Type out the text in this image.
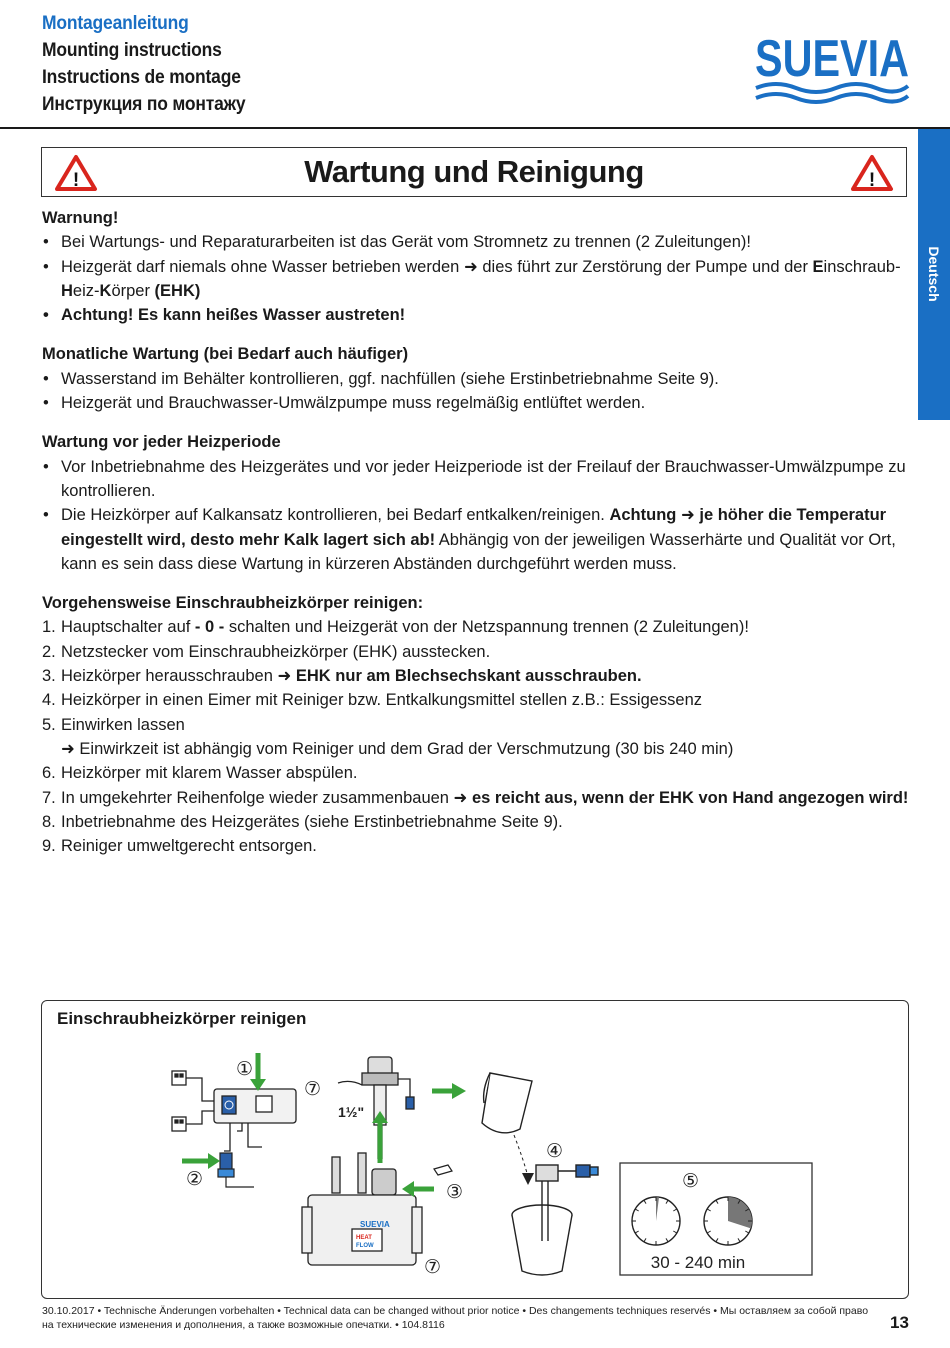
Montageanleitung
Mounting instructions
Instructions de montage
Инструкция по монтажу
SUEVIA
Deutsch
!	Wartung und Reinigung	!
Warnung!
• Bei Wartungs- und Reparaturarbeiten ist das Gerät vom Stromnetz zu trennen (2 Zuleitungen)!
• Heizgerät darf niemals ohne Wasser betrieben werden ➜ dies führt zur Zerstörung der Pumpe und der Einschraub-Heiz-Körper (EHK)
• Achtung! Es kann heißes Wasser austreten!
Monatliche Wartung (bei Bedarf auch häufiger)
• Wasserstand im Behälter kontrollieren, ggf. nachfüllen (siehe Erstinbetriebnahme Seite 9).
• Heizgerät und Brauchwasser-Umwälzpumpe muss regelmäßig entlüftet werden.
Wartung vor jeder Heizperiode
• Vor Inbetriebnahme des Heizgerätes und vor jeder Heizperiode ist der Freilauf der Brauchwasser-Umwälzpumpe zu kontrollieren.
• Die Heizkörper auf Kalkansatz kontrollieren, bei Bedarf entkalken/reinigen. Achtung ➜ je höher die Temperatur eingestellt wird, desto mehr Kalk lagert sich ab! Abhängig von der jeweiligen Wasserhärte und Qualität vor Ort, kann es sein dass diese Wartung in kürzeren Abständen durchgeführt werden muss.
Vorgehensweise Einschraubheizkörper reinigen:
1. Hauptschalter auf - 0 - schalten und Heizgerät von der Netzspannung trennen (2 Zuleitungen)!
2. Netzstecker vom Einschraubheizkörper (EHK) ausstecken.
3. Heizkörper herausschrauben ➜ EHK nur am Blechsechskant ausschrauben.
4. Heizkörper in einen Eimer mit Reiniger bzw. Entkalkungsmittel stellen z.B.: Essigessenz
5. Einwirken lassen
➜ Einwirkzeit ist abhängig vom Reiniger und dem Grad der Verschmutzung (30 bis 240 min)
6. Heizkörper mit klarem Wasser abspülen.
7. In umgekehrter Reihenfolge wieder zusammenbauen ➜ es reicht aus, wenn der EHK von Hand angezogen wird!
8. Inbetriebnahme des Heizgerätes (siehe Erstinbetriebnahme Seite 9).
9. Reiniger umweltgerecht entsorgen.
Einschraubheizkörper reinigen
①
②
⑦
1½"
SUEVIA
HEAT
FLOW
③
⑦
④
⑤
30 - 240 min
30.10.2017 • Technische Änderungen vorbehalten • Technical data can be changed without prior notice • Des changements techniques reservés • Мы оставляем за собой право на технические изменения и дополнения, а также возможные опечатки. • 104.8116	13
